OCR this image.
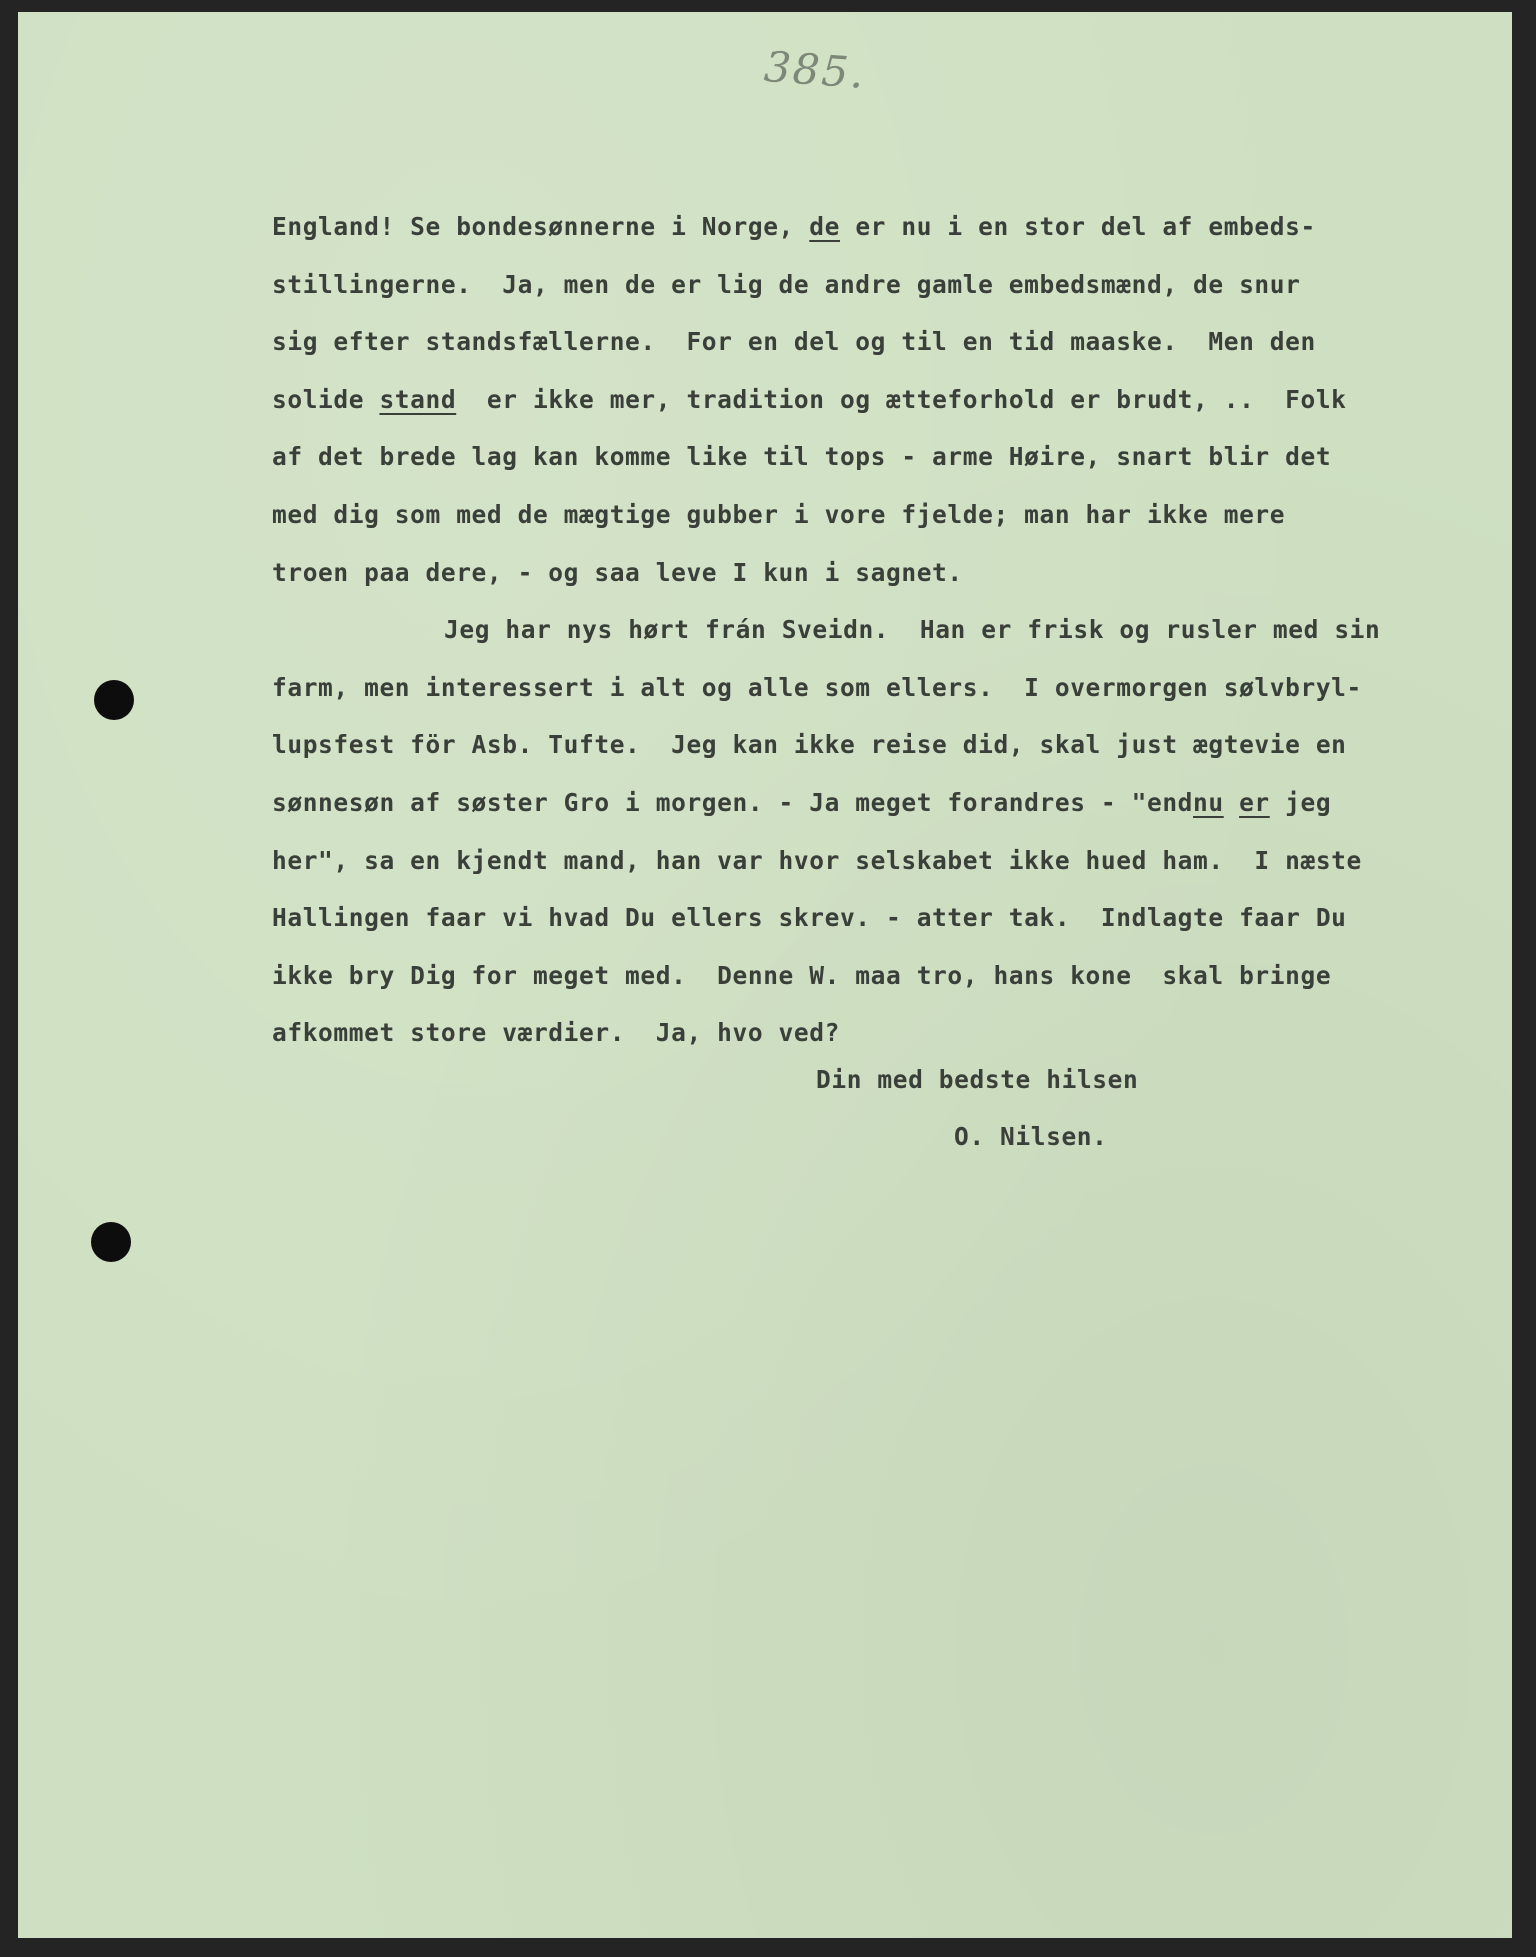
385.
England! Se bondesønnerne i Norge, de er nu i en stor del af embeds-
stillingerne.  Ja, men de er lig de andre gamle embedsmænd, de snur
sig efter standsfællerne.  For en del og til en tid maaske.  Men den
solide stand  er ikke mer, tradition og ætteforhold er brudt, ..  Folk
af det brede lag kan komme like til tops - arme Høire, snart blir det
med dig som med de mægtige gubber i vore fjelde; man har ikke mere
troen paa dere, - og saa leve I kun i sagnet.
Jeg har nys hørt frán Sveidn.  Han er frisk og rusler med sin
farm, men interessert i alt og alle som ellers.  I overmorgen sølvbryl-
lupsfest för Asb. Tufte.  Jeg kan ikke reise did, skal just ægtevie en
sønnesøn af søster Gro i morgen. - Ja meget forandres - "endnu er jeg
her", sa en kjendt mand, han var hvor selskabet ikke hued ham.  I næste
Hallingen faar vi hvad Du ellers skrev. - atter tak.  Indlagte faar Du
ikke bry Dig for meget med.  Denne W. maa tro, hans kone  skal bringe
afkommet store værdier.  Ja, hvo ved?
Din med bedste hilsen
O. Nilsen.
